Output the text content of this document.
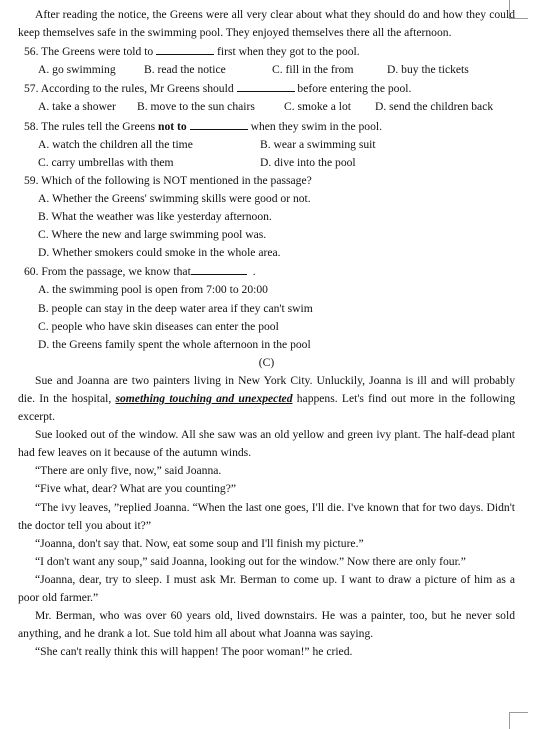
After reading the notice, the Greens were all very clear about what they should do and how they could keep themselves safe in the swimming pool. They enjoyed themselves there all the afternoon.

56. The Greens were told to	first when they got to the pool.

A. go swimming	B. read the notice	C. fill in the from	D. buy the tickets

57. According to the rules, Mr Greens should	before entering the pool.

A. take a shower	B. move to the sun chairs	C. smoke a lot	D. send the children back

58. The rules tell the Greens not to	when they swim in the pool.

A. watch the children all the time	B. wear a swimming suit
C. carry umbrellas with them	D. dive into the pool

59. Which of the following is NOT mentioned in the passage?

A. Whether the Greens' swimming skills were good or not.

B. What the weather was like yesterday afternoon.

C. Where the new and large swimming pool was.

D. Whether smokers could smoke in the whole area.

60. From the passage, we know that	.

A. the swimming pool is open from 7:00 to 20:00

B. people can stay in the deep water area if they can't swim

C. people who have skin diseases can enter the pool

D. the Greens family spent the whole afternoon in the pool

(C)

Sue and Joanna are two painters living in New York City. Unluckily, Joanna is ill and will probably die. In the hospital, something touching and unexpected happens. Let's find out more in the following excerpt.

Sue looked out of the window. All she saw was an old yellow and green ivy plant. The half-dead plant had few leaves on it because of the autumn winds.

“There are only five, now,” said Joanna.

“Five what, dear? What are you counting?”

“The ivy leaves, ”replied Joanna. “When the last one goes, I'll die. I've known that for two days. Didn't the doctor tell you about it?”

“Joanna, don't say that. Now, eat some soup and I'll finish my picture.”

“I don't want any soup,” said Joanna, looking out for the window.” Now there are only four.”

“Joanna, dear, try to sleep. I must ask Mr. Berman to come up. I want to draw a picture of him as a poor old farmer.”

Mr. Berman, who was over 60 years old, lived downstairs. He was a painter, too, but he never sold anything, and he drank a lot. Sue told him all about what Joanna was saying.

“She can't really think this will happen! The poor woman!” he cried.
